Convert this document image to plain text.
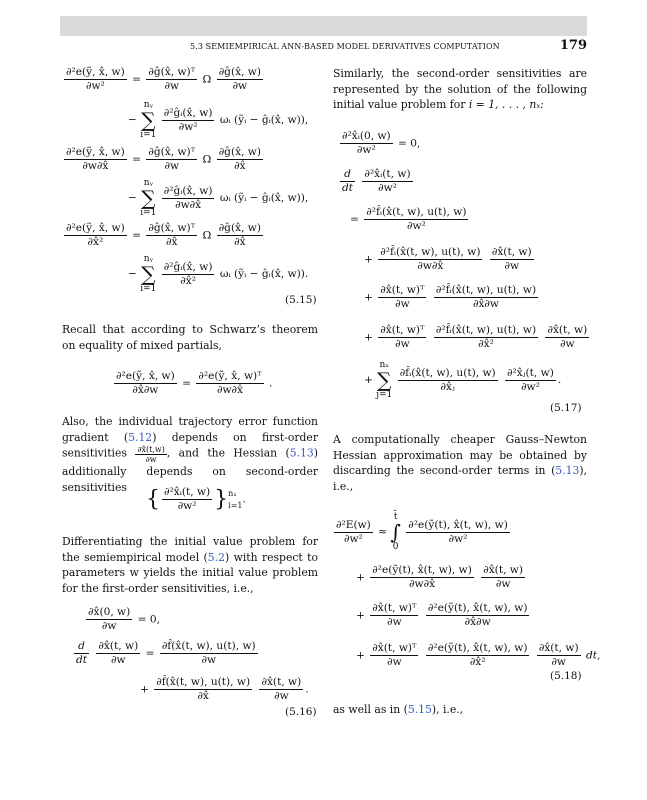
5.3 SEMIEMPIRICAL ANN-BASED MODEL DERIVATIVES COMPUTATION	179
$\frac{\text{∂²e(ỹ, x̂, w)}}{\text{∂w²}} = \frac{\text{∂ĝ(x̂, w)ᵀ}}{\partial w}$ Ω $\frac{\partial ĝ(x̂, w)}{\partial w}$
− nᵧ
∑
i=1
$\frac{\text{∂²ĝᵢ(x̂, w)}}{\text{∂w²}}$ ωᵢ (ỹᵢ − ĝᵢ(x̂, w)),
$\frac{\text{∂²e(ỹ, x̂, w)}}{\partial w\partial x̂} = \frac{\text{∂ĝ(x̂, w)ᵀ}}{\partial w}$ Ω $\frac{\partial ĝ(x̂, w)}{\partial x̂}$
− nᵧ
∑
i=1
$\frac{\text{∂²ĝᵢ(x̂, w)}}{\partial w\partial x̂}$ ωᵢ (ỹᵢ − ĝᵢ(x̂, w)),
$\frac{\text{∂²e(ỹ, x̂, w)}}{\text{∂x̂²}} = \frac{\text{∂ĝ(x̂, w)ᵀ}}{\partial x̂}$ Ω $\frac{\partial ĝ(x̂, w)}{\partial x̂}$
− nᵧ
∑
i=1
$\frac{\text{∂²ĝᵢ(x̂, w)}}{\text{∂x̂²}}$ ωᵢ (ỹᵢ − ĝᵢ(x̂, w)).
(5.15)
Recall that according to Schwarz’s theorem on equality of mixed partials,
$\frac{\text{∂²e(ỹ, x̂, w)}}{\partial x̂\partial w} = \frac{\text{∂²e(ỹ, x̂, w)ᵀ}}{\partial w\partial x̂}$ .
Also, the individual trajectory error function gradient (5.12) depends on first-order sensitivities $\frac{\partial x̂(t,w)}{\partial w}$ , and the Hessian (5.13) additionally depends on second-order sensitivities { $\frac{\text{∂²x̂ᵢ(t, w)}}{\text{∂w²}}$ } nₓ
i=1 .
Differentiating the initial value problem for the semiempirical model (5.2) with respect to parameters w yields the initial value problem for the first-order sensitivities, i.e.,
$\frac{\partial x̂(0, w)}{\partial w} = 0$,
$\frac{d}{dt}$
$\frac{\partial x̂(t, w)}{\partial w} = \frac{\partial f̂(x̂(t, w), u(t), w)}{\partial w}$
+ $\frac{\partial f̂(x̂(t, w), u(t), w)}{\partial x̂}$
$\frac{\partial x̂(t, w)}{\partial w}$ .
(5.16)
Similarly, the second-order sensitivities are represented by the solution of the following initial value problem for i = 1, . . . , nₓ:
$\frac{\text{∂²x̂ᵢ(0, w)}}{\text{∂w²}} = 0$,
$\frac{d}{dt}$
$\frac{\text{∂²x̂ᵢ(t, w)}}{\text{∂w²}}$
= $\frac{\text{∂²f̂ᵢ(x̂(t, w), u(t), w)}}{\text{∂w²}}$
+ $\frac{\text{∂²f̂ᵢ(x̂(t, w), u(t), w)}}{\partial w\partial x̂}$
$\frac{\partial x̂(t, w)}{\partial w}$
+ $\frac{\text{∂x̂(t, w)ᵀ}}{\partial w}$
$\frac{\text{∂²f̂ᵢ(x̂(t, w), u(t), w)}}{\partial x̂\partial w}$
+ $\frac{\text{∂x̂(t, w)ᵀ}}{\partial w}$
$\frac{\text{∂²f̂ᵢ(x̂(t, w), u(t), w)}}{\text{∂x̂²}}$
$\frac{\partial x̂(t, w)}{\partial w}$
+ nₓ
∑
j=1
$\frac{\text{∂f̂ᵢ(x̂(t, w), u(t), w)}}{\text{∂x̂ⱼ}}$
$\frac{\text{∂²x̂ⱼ(t, w)}}{\text{∂w²}}$ .
(5.17)
A computationally cheaper Gauss–Newton Hessian approximation may be obtained by discarding the second-order terms in (5.13), i.e.,
$\frac{\text{∂²E(w)}}{\text{∂w²}}$ ≈ t̄
∫
0
$\frac{\text{∂²e(ỹ(t), x̂(t, w), w)}}{\text{∂w²}}$
+ $\frac{\text{∂²e(ỹ(t), x̂(t, w), w)}}{\partial w\partial x̂}$
$\frac{\partial x̂(t, w)}{\partial w}$
+ $\frac{\text{∂x̂(t, w)ᵀ}}{\partial w}$
$\frac{\text{∂²e(ỹ(t), x̂(t, w), w)}}{\partial x̂\partial w}$
+ $\frac{\text{∂x̂(t, w)ᵀ}}{\partial w}$
$\frac{\text{∂²e(ỹ(t), x̂(t, w), w)}}{\text{∂x̂²}}$
$\frac{\partial x̂(t, w)}{\partial w}$ dt,
(5.18)
as well as in (5.15), i.e.,
